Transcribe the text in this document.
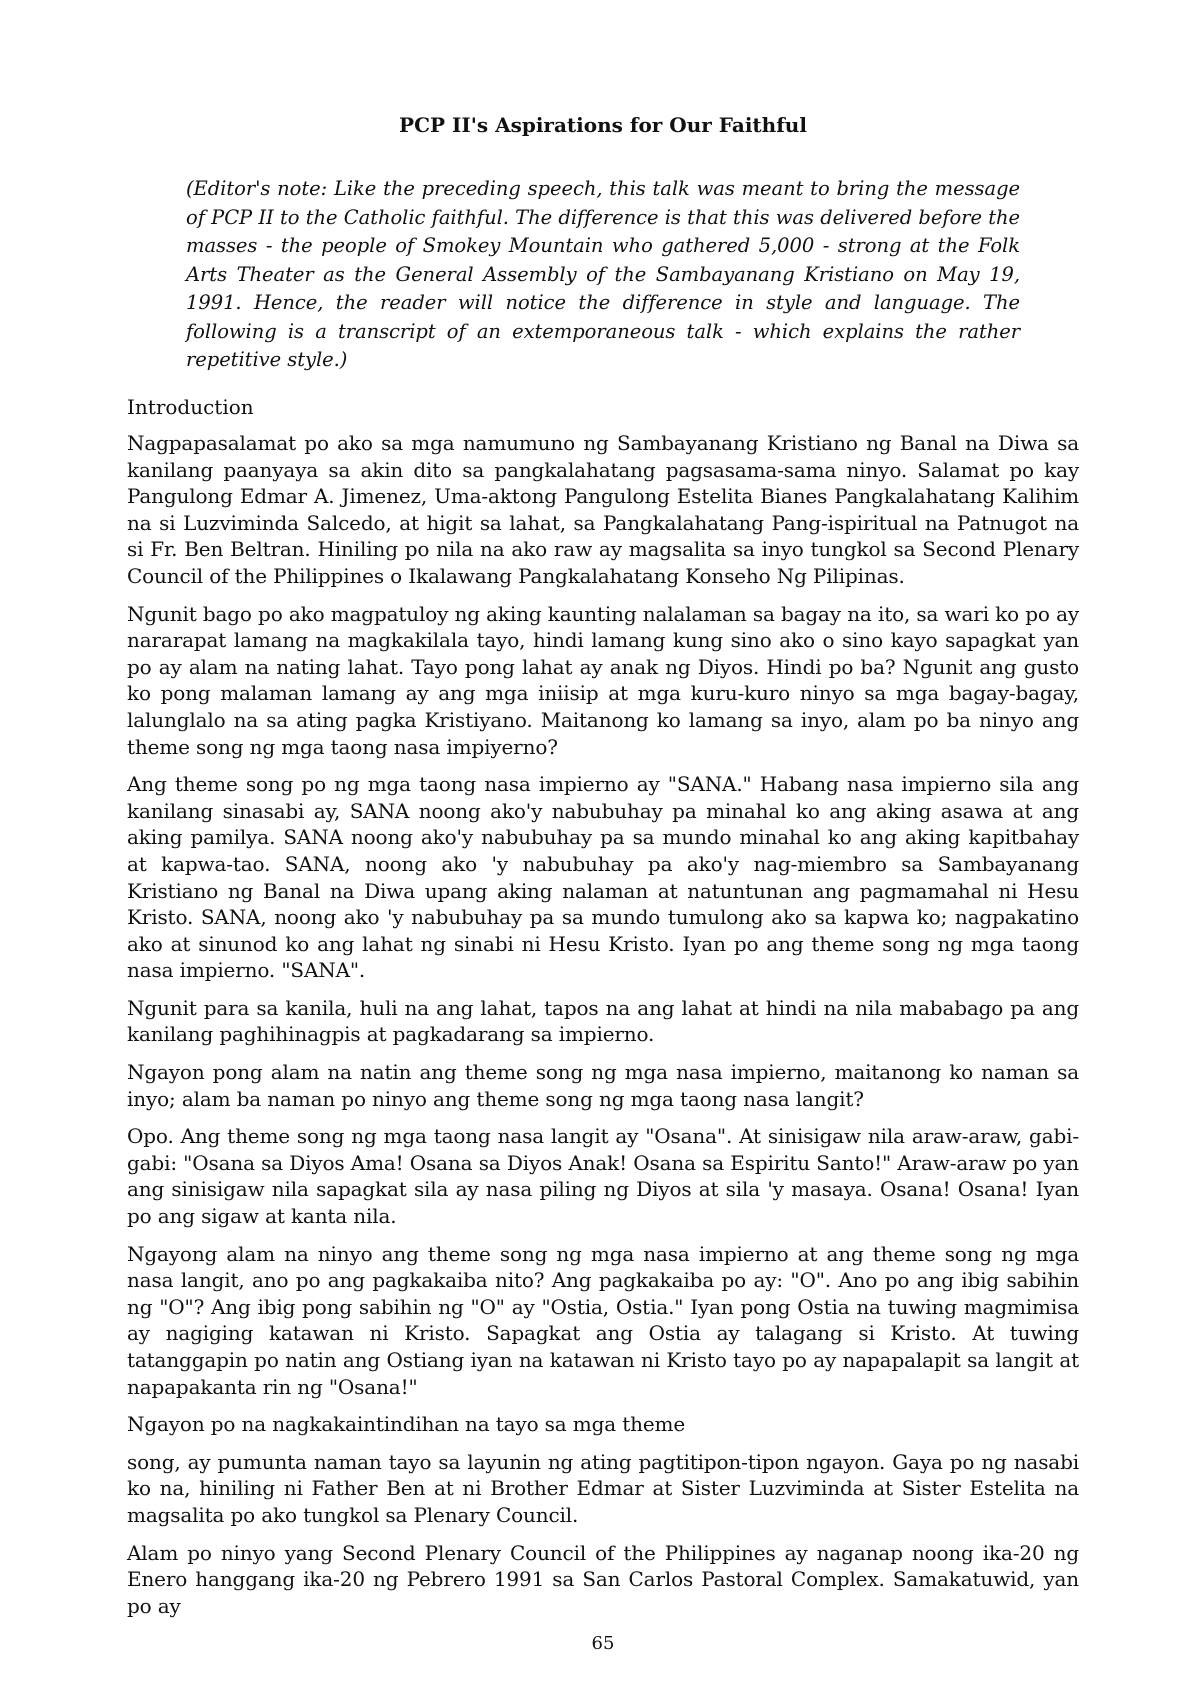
PCP II's Aspirations for Our Faithful

(Editor's note: Like the preceding speech, this talk was meant to bring the message of PCP II to the Catholic faithful. The difference is that this was delivered before the masses - the people of Smokey Mountain who gathered 5,000 - strong at the Folk Arts Theater as the General Assembly of the Sambayanang Kristiano on May 19, 1991. Hence, the reader will notice the difference in style and language. The following is a transcript of an extemporaneous talk - which explains the rather repetitive style.)

Introduction

Nagpapasalamat po ako sa mga namumuno ng Sambayanang Kristiano ng Banal na Diwa sa kanilang paanyaya sa akin dito sa pangkalahatang pagsasama-sama ninyo. Salamat po kay Pangulong Edmar A. Jimenez, Uma-aktong Pangulong Estelita Bianes Pangkalahatang Kalihim na si Luzviminda Salcedo, at higit sa lahat, sa Pangkalahatang Pang-ispiritual na Patnugot na si Fr. Ben Beltran. Hiniling po nila na ako raw ay magsalita sa inyo tungkol sa Second Plenary Council of the Philippines o Ikalawang Pangkalahatang Konseho Ng Pilipinas.

Ngunit bago po ako magpatuloy ng aking kaunting nalalaman sa bagay na ito, sa wari ko po ay nararapat lamang na magkakilala tayo, hindi lamang kung sino ako o sino kayo sapagkat yan po ay alam na nating lahat. Tayo pong lahat ay anak ng Diyos. Hindi po ba? Ngunit ang gusto ko pong malaman lamang ay ang mga iniisip at mga kuru-kuro ninyo sa mga bagay-bagay, lalunglalo na sa ating pagka Kristiyano. Maitanong ko lamang sa inyo, alam po ba ninyo ang theme song ng mga taong nasa impiyerno?

Ang theme song po ng mga taong nasa impierno ay "SANA." Habang nasa impierno sila ang kanilang sinasabi ay, SANA noong ako'y nabubuhay pa minahal ko ang aking asawa at ang aking pamilya. SANA noong ako'y nabubuhay pa sa mundo minahal ko ang aking kapitbahay at kapwa-tao. SANA, noong ako 'y nabubuhay pa ako'y nag-miembro sa Sambayanang Kristiano ng Banal na Diwa upang aking nalaman at natuntunan ang pagmamahal ni Hesu Kristo. SANA, noong ako 'y nabubuhay pa sa mundo tumulong ako sa kapwa ko; nagpakatino ako at sinunod ko ang lahat ng sinabi ni Hesu Kristo. Iyan po ang theme song ng mga taong nasa impierno. "SANA".

Ngunit para sa kanila, huli na ang lahat, tapos na ang lahat at hindi na nila mababago pa ang kanilang paghihinagpis at pagkadarang sa impierno.

Ngayon pong alam na natin ang theme song ng mga nasa impierno, maitanong ko naman sa inyo; alam ba naman po ninyo ang theme song ng mga taong nasa langit?

Opo. Ang theme song ng mga taong nasa langit ay "Osana". At sinisigaw nila araw-araw, gabi-gabi: "Osana sa Diyos Ama! Osana sa Diyos Anak! Osana sa Espiritu Santo!" Araw-araw po yan ang sinisigaw nila sapagkat sila ay nasa piling ng Diyos at sila 'y masaya. Osana! Osana! Iyan po ang sigaw at kanta nila.

Ngayong alam na ninyo ang theme song ng mga nasa impierno at ang theme song ng mga nasa langit, ano po ang pagkakaiba nito? Ang pagkakaiba po ay: "O". Ano po ang ibig sabihin ng "O"? Ang ibig pong sabihin ng "O" ay "Ostia, Ostia." Iyan pong Ostia na tuwing magmimisa ay nagiging katawan ni Kristo. Sapagkat ang Ostia ay talagang si Kristo. At tuwing tatanggapin po natin ang Ostiang iyan na katawan ni Kristo tayo po ay napapalapit sa langit at napapakanta rin ng "Osana!"

Ngayon po na nagkakaintindihan na tayo sa mga theme

song, ay pumunta naman tayo sa layunin ng ating pagtitipon-tipon ngayon. Gaya po ng nasabi ko na, hiniling ni Father Ben at ni Brother Edmar at Sister Luzviminda at Sister Estelita na magsalita po ako tungkol sa Plenary Council.

Alam po ninyo yang Second Plenary Council of the Philippines ay naganap noong ika-20 ng Enero hanggang ika-20 ng Pebrero 1991 sa San Carlos Pastoral Complex. Samakatuwid, yan po ay

65
